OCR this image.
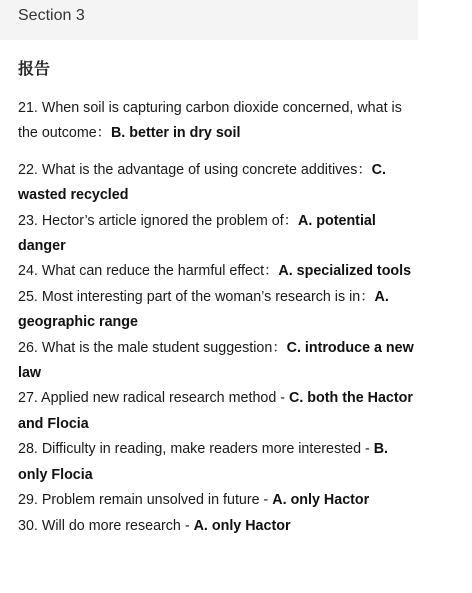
Section 3
报告
21. When soil is capturing carbon dioxide concerned, what is the outcome：B. better in dry soil
22. What is the advantage of using concrete additives：C. wasted recycled
23. Hector’s article ignored the problem of：A. potential danger
24. What can reduce the harmful effect：A. specialized tools
25. Most interesting part of the woman’s research is in：A. geographic range
26. What is the male student suggestion：C. introduce a new law
27. Applied new radical research method - C. both the Hactor and Flocia
28. Difficulty in reading, make readers more interested - B. only Flocia
29. Problem remain unsolved in future - A. only Hactor
30. Will do more research - A. only Hactor
